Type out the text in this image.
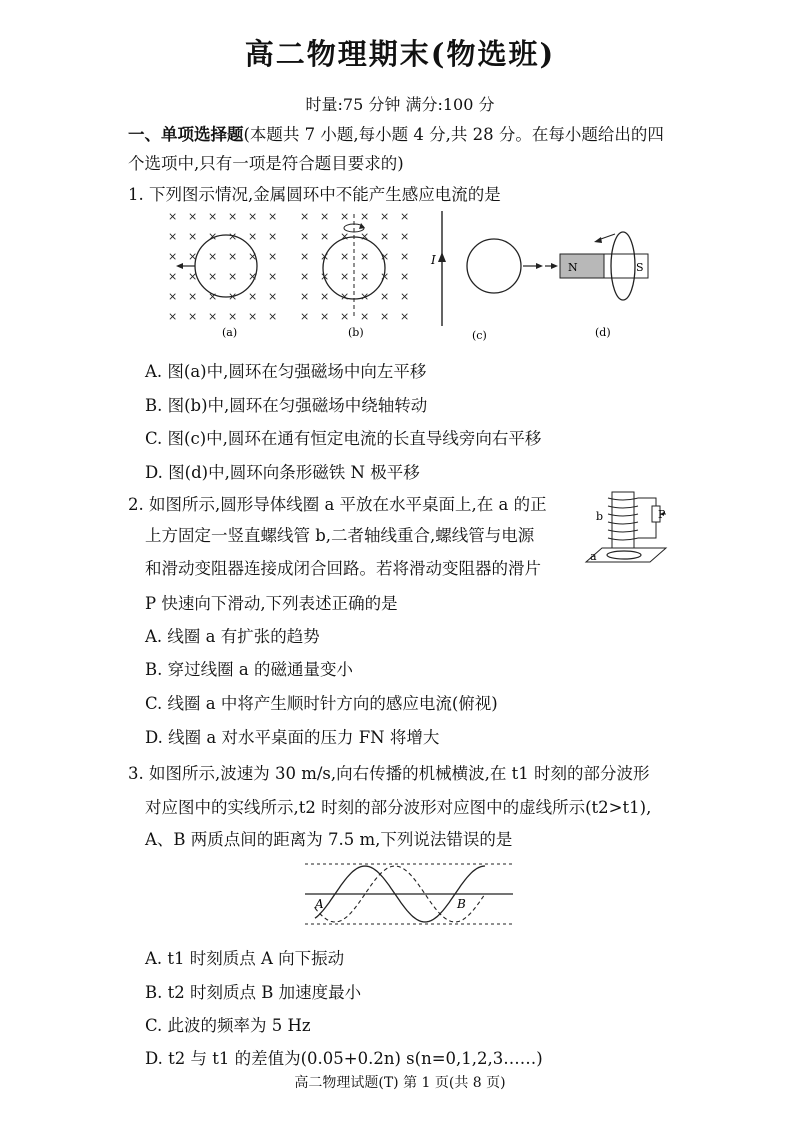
高二物理期末(物选班)
时量:75 分钟 满分:100 分
一、单项选择题(本题共 7 小题,每小题 4 分,共 28 分。在每小题给出的四
个选项中,只有一项是符合题目要求的)
1. 下列图示情况,金属圆环中不能产生感应电流的是
× × × × × ×
× × × × × ×
× × × × × ×
× × × × × ×
× × × × × ×
× × × × × ×
× × × × × ×
× × × × × ×
× × × × × ×
× × × × × ×
× × × × × ×
× × × × × ×
(a)	(b)	(c)	(d)
I
N	S
A. 图(a)中,圆环在匀强磁场中向左平移
B. 图(b)中,圆环在匀强磁场中绕轴转动
C. 图(c)中,圆环在通有恒定电流的长直导线旁向右平移
D. 图(d)中,圆环向条形磁铁 N 极平移
2. 如图所示,圆形导体线圈 a 平放在水平桌面上,在 a 的正
上方固定一竖直螺线管 b,二者轴线重合,螺线管与电源
和滑动变阻器连接成闭合回路。若将滑动变阻器的滑片
P 快速向下滑动,下列表述正确的是
P
b
a
A. 线圈 a 有扩张的趋势
B. 穿过线圈 a 的磁通量变小
C. 线圈 a 中将产生顺时针方向的感应电流(俯视)
D. 线圈 a 对水平桌面的压力 FN 将增大
3. 如图所示,波速为 30 m/s,向右传播的机械横波,在 t1 时刻的部分波形
对应图中的实线所示,t2 时刻的部分波形对应图中的虚线所示(t2>t1),
A、B 两质点间的距离为 7.5 m,下列说法错误的是
A	B
A. t1 时刻质点 A 向下振动
B. t2 时刻质点 B 加速度最小
C. 此波的频率为 5 Hz
D. t2 与 t1 的差值为(0.05+0.2n) s(n=0,1,2,3……)
高二物理试题(T) 第 1 页(共 8 页)
